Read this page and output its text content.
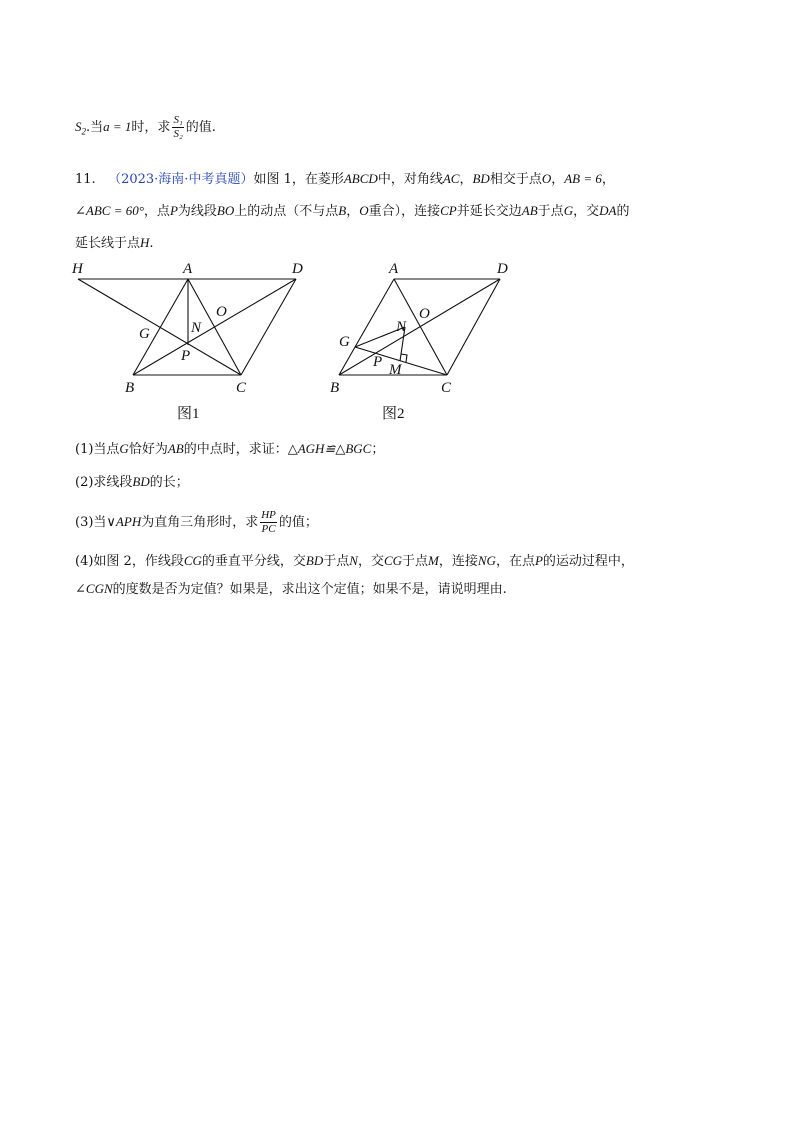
$S_2$.当a = 1时，求 $\frac{\text{S₁}}{\text{S₂}}$ 的值.
11. （2023·海南·中考真题）如图 1，在菱形ABCD中，对角线AC，BD相交于点O，AB = 6，
∠ABC = 60°，点P为线段BO上的动点（不与点B，O重合），连接CP并延长交边AB于点G，交DA的
延长线于点H.
H	A	D
O
G	N
P
B	C
图1
A	D
N
O
G
P M
B	C
图2
(1)当点G恰好为AB的中点时，求证：△AGH≌△BGC；
(2)求线段BD的长；
(3)当∨APH为直角三角形时，求 $\frac{HP}{PC}$ 的值；
(4)如图 2，作线段CG的垂直平分线，交BD于点N，交CG于点M，连接NG，在点P的运动过程中，
∠CGN的度数是否为定值？如果是，求出这个定值；如果不是，请说明理由.
